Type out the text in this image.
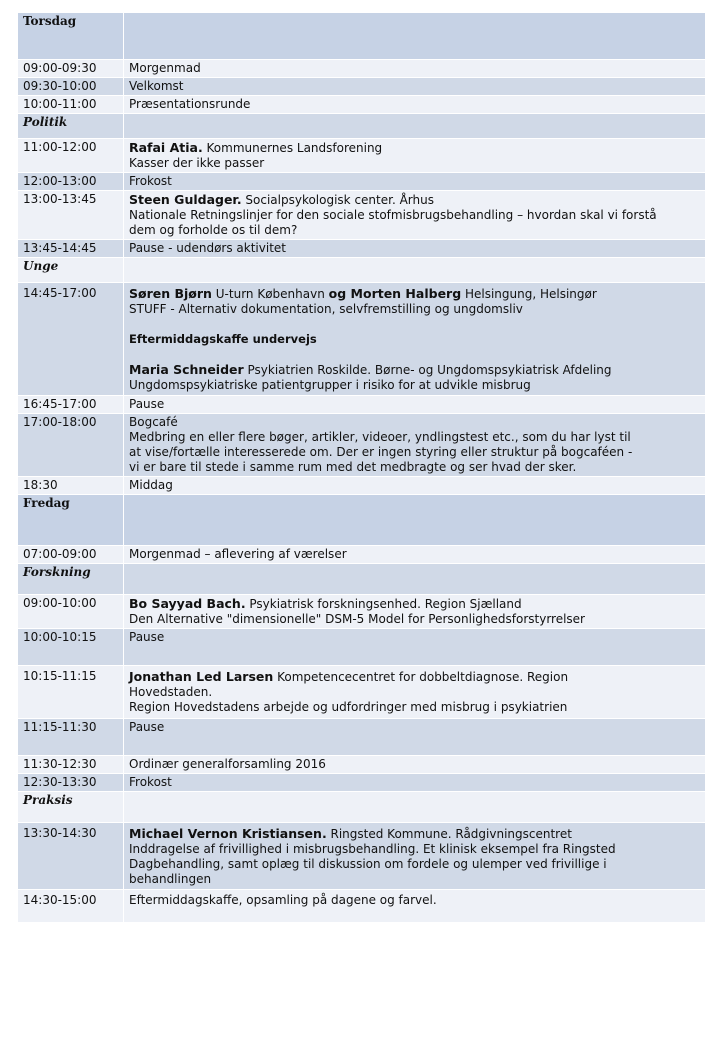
Torsdag	
09:00-09:30	Morgenmad
09:30-10:00	Velkomst
10:00-11:00	Præsentationsrunde
Politik	
11:00-12:00	Rafai Atia. Kommunernes Landsforening
Kasser der ikke passer

12:00-13:00	Frokost
13:00-13:45	Steen Guldager. Socialpsykologisk center. Århus
Nationale Retningslinjer for den sociale stofmisbrugsbehandling – hvordan skal vi forstå
dem og forholde os til dem?

13:45-14:45	Pause - udendørs aktivitet
Unge	
14:45-17:00	Søren Bjørn U-turn København og Morten Halberg Helsingung, Helsingør
STUFF - Alternativ dokumentation, selvfremstilling og ungdomsliv
Eftermiddagskaffe undervejs
Maria Schneider Psykiatrien Roskilde. Børne- og Ungdomspsykiatrisk Afdeling
Ungdomspsykiatriske patientgrupper i risiko for at udvikle misbrug

16:45-17:00	Pause
17:00-18:00	Bogcafé
Medbring en eller flere bøger, artikler, videoer, yndlingstest etc., som du har lyst til
at vise/fortælle interesserede om. Der er ingen styring eller struktur på bogcaféen -
vi er bare til stede i samme rum med det medbragte og ser hvad der sker.

18:30	Middag
Fredag	
07:00-09:00	Morgenmad – aflevering af værelser
Forskning	
09:00-10:00	Bo Sayyad Bach. Psykiatrisk forskningsenhed. Region Sjælland
Den Alternative "dimensionelle" DSM-5 Model for Personlighedsforstyrrelser

10:00-10:15	Pause
10:15-11:15	Jonathan Led Larsen Kompetencecentret for dobbeltdiagnose. Region
Hovedstaden.
Region Hovedstadens arbejde og udfordringer med misbrug i psykiatrien

11:15-11:30	Pause
11:30-12:30	Ordinær generalforsamling 2016
12:30-13:30	Frokost
Praksis	
13:30-14:30	Michael Vernon Kristiansen. Ringsted Kommune. Rådgivningscentret
Inddragelse af frivillighed i misbrugsbehandling. Et klinisk eksempel fra Ringsted
Dagbehandling, samt oplæg til diskussion om fordele og ulemper ved frivillige i
behandlingen

14:30-15:00	Eftermiddagskaffe, opsamling på dagene og farvel.
